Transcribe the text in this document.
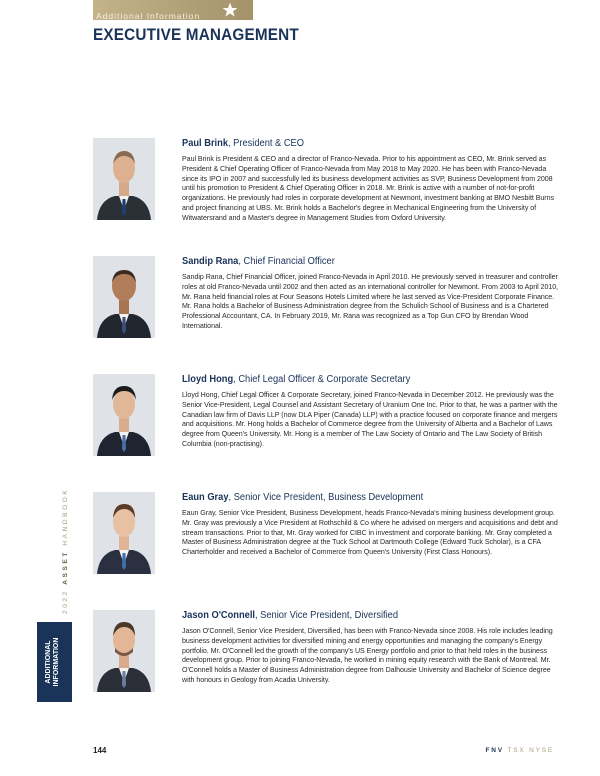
Additional Information
EXECUTIVE MANAGEMENT
2022 ASSET HANDBOOK
ADDITIONAL INFORMATION
Paul Brink, President & CEO

Paul Brink is President & CEO and a director of Franco-Nevada. Prior to his appointment as CEO, Mr. Brink served as President & Chief Operating Officer of Franco-Nevada from May 2018 to May 2020. He has been with Franco-Nevada since its IPO in 2007 and successfully led its business development activities as SVP, Business Development from 2008 until his promotion to President & Chief Operating Officer in 2018. Mr. Brink is active with a number of not-for-profit organizations. He previously had roles in corporate development at Newmont, investment banking at BMO Nesbitt Burns and project financing at UBS. Mr. Brink holds a Bachelor's degree in Mechanical Engineering from the University of Witwatersrand and a Master's degree in Management Studies from Oxford University.

Sandip Rana, Chief Financial Officer

Sandip Rana, Chief Financial Officer, joined Franco-Nevada in April 2010. He previously served in treasurer and controller roles at old Franco-Nevada until 2002 and then acted as an international controller for Newmont. From 2003 to April 2010, Mr. Rana held financial roles at Four Seasons Hotels Limited where he last served as Vice-President Corporate Finance. Mr. Rana holds a Bachelor of Business Administration degree from the Schulich School of Business and is a Chartered Professional Accountant, CA. In February 2019, Mr. Rana was recognized as a Top Gun CFO by Brendan Wood International.

Lloyd Hong, Chief Legal Officer & Corporate Secretary

Lloyd Hong, Chief Legal Officer & Corporate Secretary, joined Franco-Nevada in December 2012. He previously was the Senior Vice-President, Legal Counsel and Assistant Secretary of Uranium One Inc. Prior to that, he was a partner with the Canadian law firm of Davis LLP (now DLA Piper (Canada) LLP) with a practice focused on corporate finance and mergers and acquisitions. Mr. Hong holds a Bachelor of Commerce degree from the University of Alberta and a Bachelor of Laws degree from Queen's University. Mr. Hong is a member of The Law Society of Ontario and The Law Society of British Columbia (non-practising).

Eaun Gray, Senior Vice President, Business Development

Eaun Gray, Senior Vice President, Business Development, heads Franco-Nevada's mining business development group. Mr. Gray was previously a Vice President at Rothschild & Co where he advised on mergers and acquisitions and debt and stream transactions. Prior to that, Mr. Gray worked for CIBC in investment and corporate banking. Mr. Gray completed a Master of Business Administration degree at the Tuck School at Dartmouth College (Edward Tuck Scholar), is a CFA Charterholder and received a Bachelor of Commerce from Queen's University (First Class Honours).

Jason O'Connell, Senior Vice President, Diversified

Jason O'Connell, Senior Vice President, Diversified, has been with Franco-Nevada since 2008. His role includes leading business development activities for diversified mining and energy opportunities and managing the company's Energy portfolio. Mr. O'Connell led the growth of the company's US Energy portfolio and prior to that held roles in the business development group. Prior to joining Franco-Nevada, he worked in mining equity research with the Bank of Montreal. Mr. O'Connell holds a Master of Business Administration degree from Dalhousie University and Bachelor of Science degree with honours in Geology from Acadia University.

144	FNV TSX NYSE
